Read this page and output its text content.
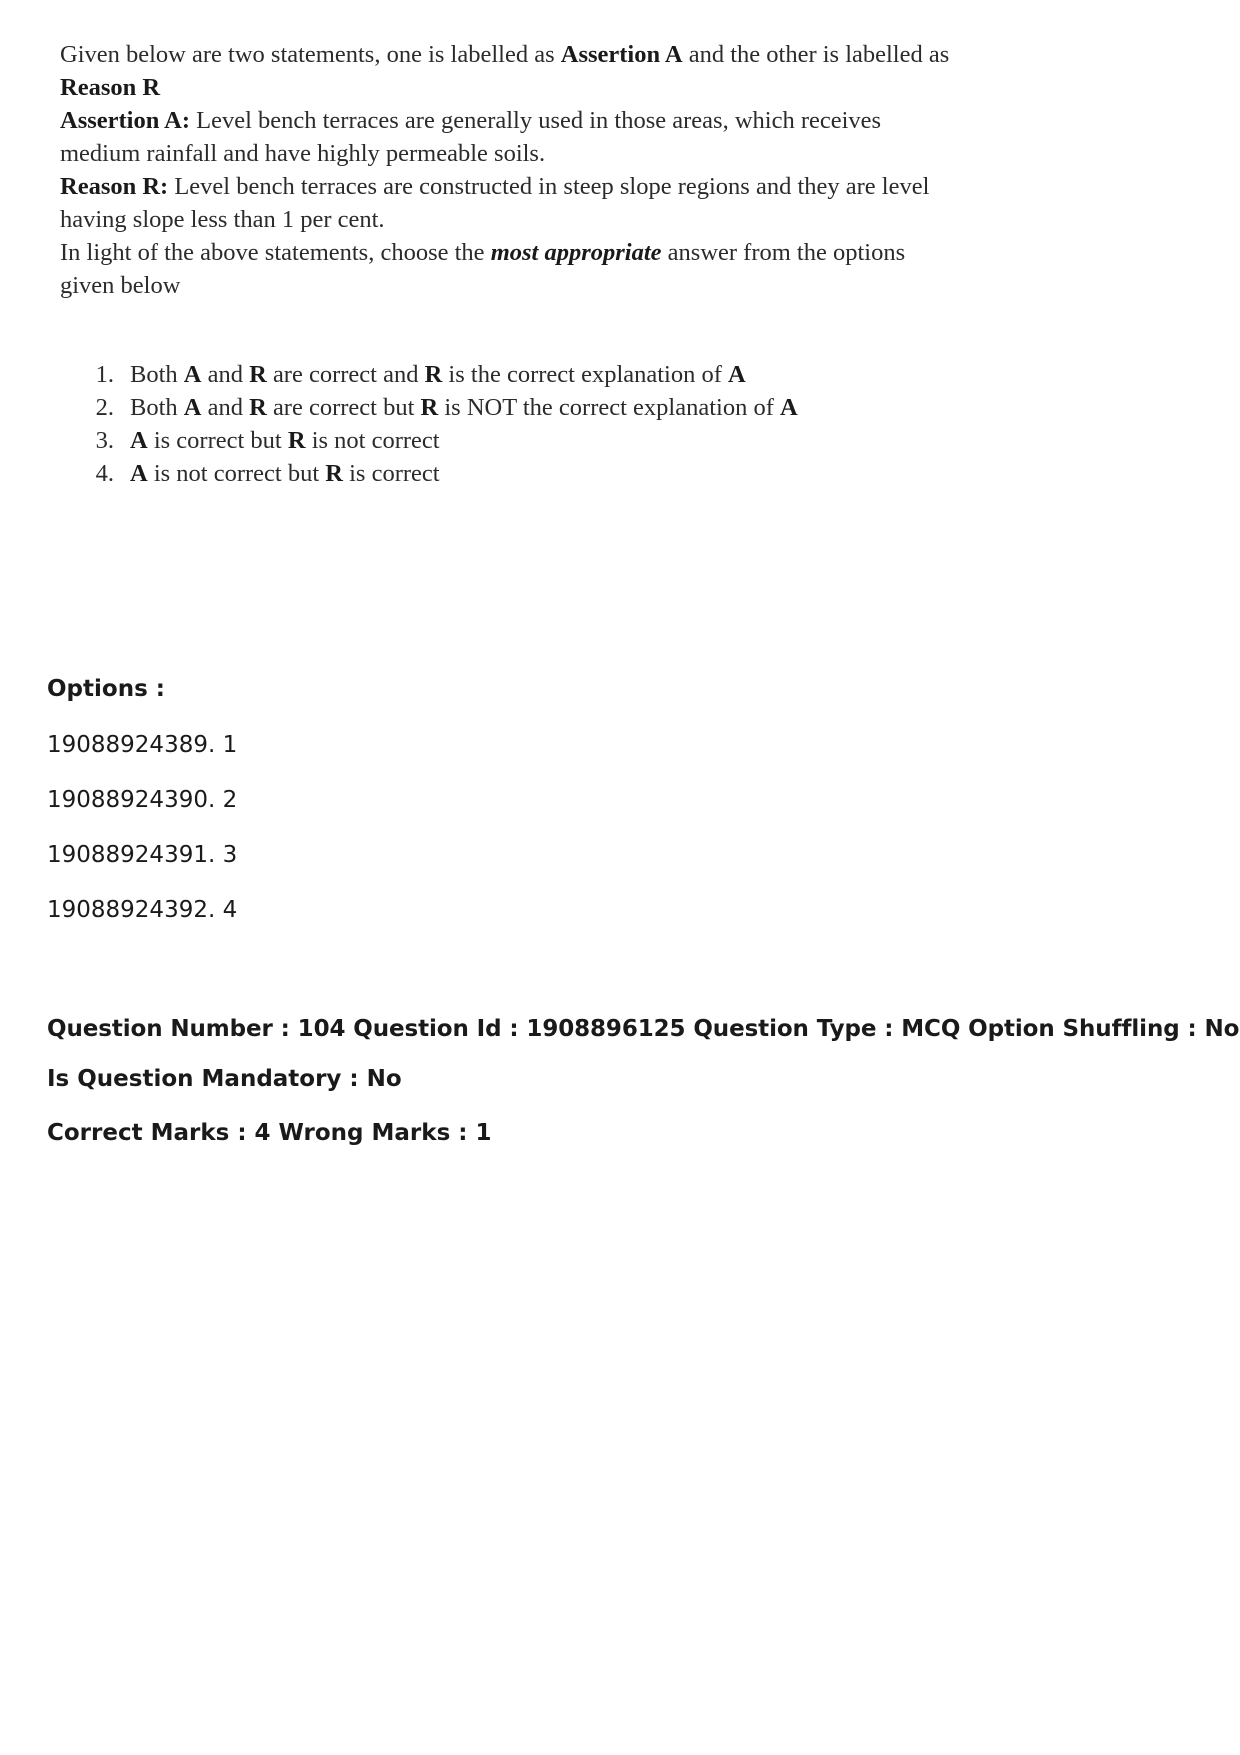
Given below are two statements, one is labelled as Assertion A and the other is labelled as
Reason R

Assertion A: Level bench terraces are generally used in those areas, which receives medium rainfall and have highly permeable soils.

Reason R: Level bench terraces are constructed in steep slope regions and they are level having slope less than 1 per cent.

In light of the above statements, choose the most appropriate answer from the options given below

1. Both A and R are correct and R is the correct explanation of A
2. Both A and R are correct but R is NOT the correct explanation of A
3. A is correct but R is not correct
4. A is not correct but R is correct
Options :
19088924389. 1
19088924390. 2
19088924391. 3
19088924392. 4
Question Number : 104 Question Id : 1908896125 Question Type : MCQ Option Shuffling : No
Is Question Mandatory : No
Correct Marks : 4 Wrong Marks : 1
